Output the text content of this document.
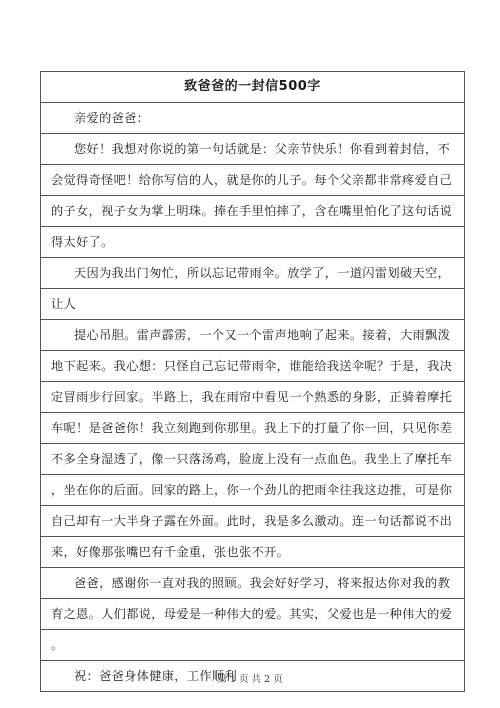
致爸爸的一封信500字
亲爱的爸爸：
您好！我想对你说的第一句话就是：父亲节快乐！你看到着封信，不
会觉得奇怪吧！给你写信的人，就是你的儿子。每个父亲都非常疼爱自己
的子女，视子女为掌上明珠。捧在手里怕摔了，含在嘴里怕化了这句话说
得太好了。
天因为我出门匆忙，所以忘记带雨伞。放学了，一道闪雷划破天空，
让人
提心吊胆。雷声霹雳，一个又一个雷声地响了起来。接着，大雨飘泼
地下起来。我心想：只怪自己忘记带雨伞，谁能给我送伞呢？于是，我决
定冒雨步行回家。半路上，我在雨帘中看见一个熟悉的身影，正骑着摩托
车呢！是爸爸你！我立刻跑到你那里。我上下的打量了你一回，只见你差
不多全身湿透了，像一只落汤鸡，脸庞上没有一点血色。我坐上了摩托车
，坐在你的后面。回家的路上，你一个劲儿的把雨伞往我这边推，可是你
自己却有一大半身子露在外面。此时，我是多么激动。连一句话都说不出
来，好像那张嘴巴有千金重，张也张不开。
爸爸，感谢你一直对我的照顾。我会好好学习，将来报达你对我的教
育之恩。人们都说，母爱是一种伟大的爱。其实，父爱也是一种伟大的爱
。
祝：爸爸身体健康，工作顺利
第 1 页 共 2 页
